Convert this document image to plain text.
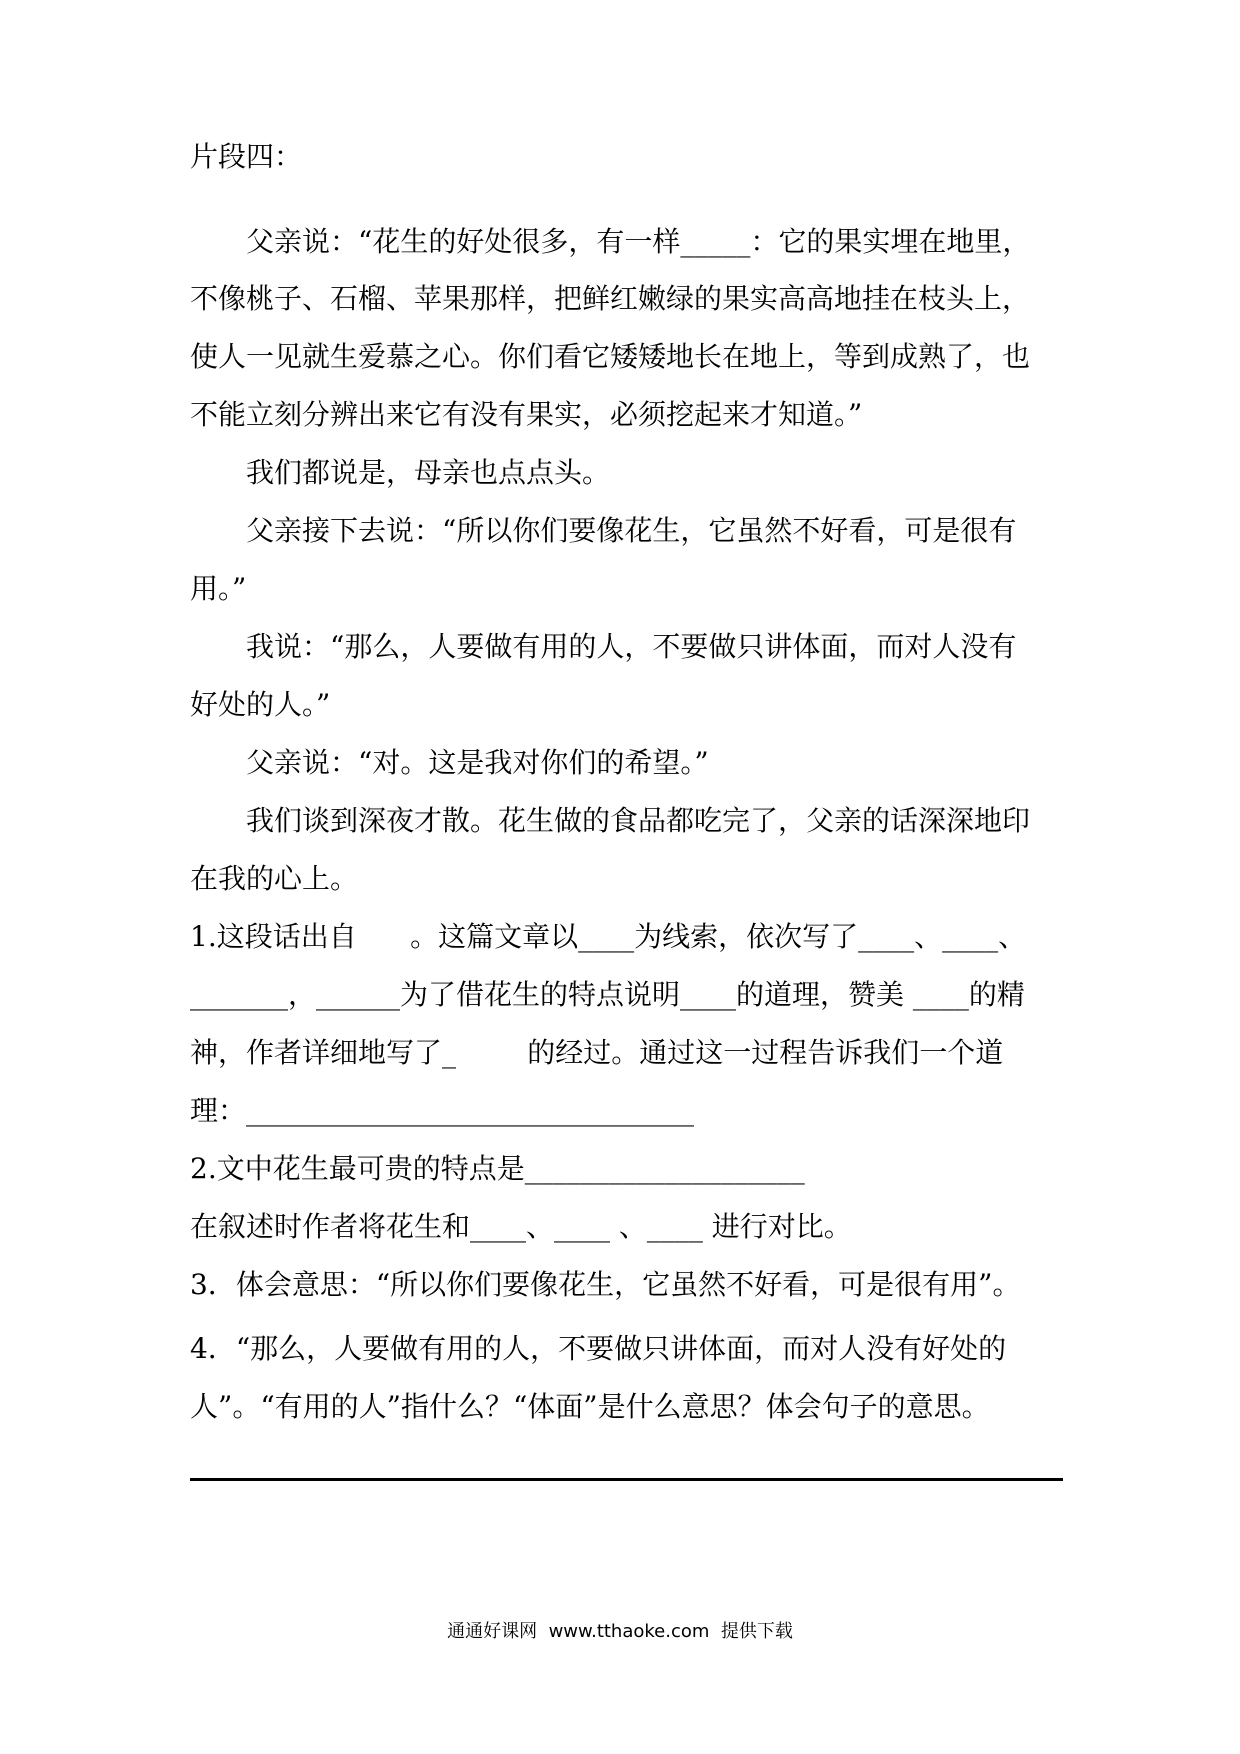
片段四：
父亲说：“花生的好处很多，有一样_____：它的果实埋在地里，
不像桃子、石榴、苹果那样，把鲜红嫩绿的果实高高地挂在枝头上，
使人一见就生爱慕之心。你们看它矮矮地长在地上，等到成熟了，也
不能立刻分辨出来它有没有果实，必须挖起来才知道。”
我们都说是，母亲也点点头。
父亲接下去说：“所以你们要像花生，它虽然不好看，可是很有
用。”
我说：“那么，人要做有用的人，不要做只讲体面，而对人没有
好处的人。”
父亲说：“对。这是我对你们的希望。”
我们谈到深夜才散。花生做的食品都吃完了，父亲的话深深地印
在我的心上。
1.这段话出自      。这篇文章以____为线索，依次写了____、____、
_______，______为了借花生的特点说明____的道理，赞美 ____的精
神，作者详细地写了_        的经过。通过这一过程告诉我们一个道
理：________________________________
2.文中花生最可贵的特点是____________________
在叙述时作者将花生和____、____ 、____ 进行对比。
3．体会意思：“所以你们要像花生，它虽然不好看，可是很有用”。
4．“那么，人要做有用的人，不要做只讲体面，而对人没有好处的
人”。“有用的人”指什么？“体面”是什么意思？体会句子的意思。
通通好课网  www.tthaoke.com  提供下载
